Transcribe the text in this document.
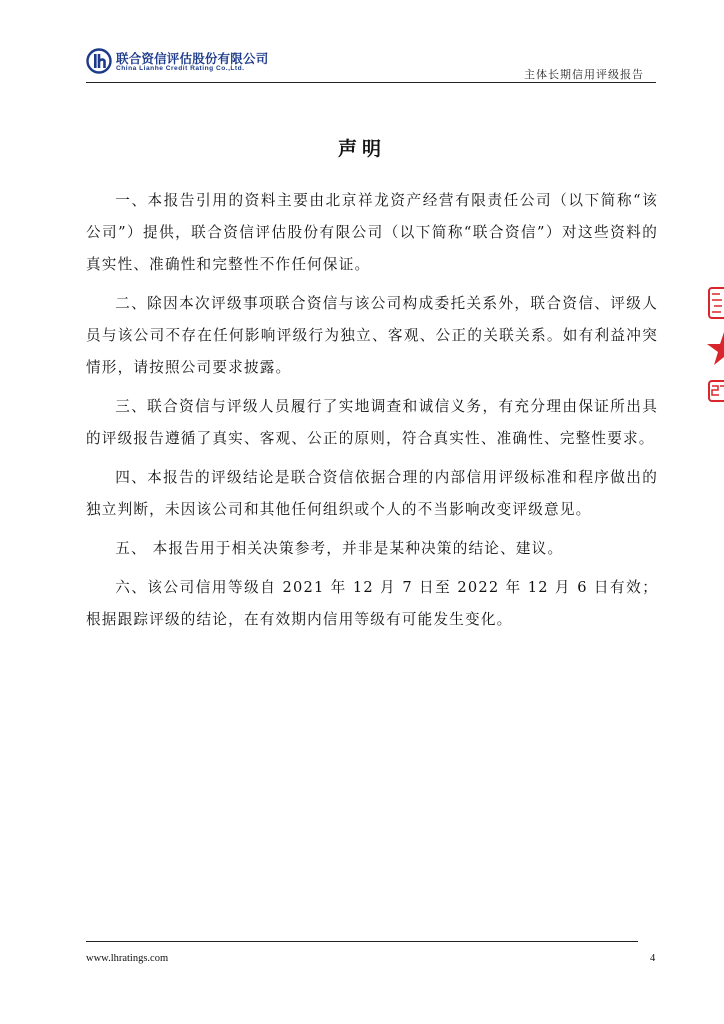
联合资信评估股份有限公司
China Lianhe Credit Rating Co.,Ltd.	主体长期信用评级报告
声明

一、本报告引用的资料主要由北京祥龙资产经营有限责任公司（以下简称“该公司”）提供，联合资信评估股份有限公司（以下简称“联合资信”）对这些资料的真实性、准确性和完整性不作任何保证。

二、除因本次评级事项联合资信与该公司构成委托关系外，联合资信、评级人员与该公司不存在任何影响评级行为独立、客观、公正的关联关系。如有利益冲突情形，请按照公司要求披露。

三、联合资信与评级人员履行了实地调查和诚信义务，有充分理由保证所出具的评级报告遵循了真实、客观、公正的原则，符合真实性、准确性、完整性要求。

四、本报告的评级结论是联合资信依据合理的内部信用评级标准和程序做出的独立判断，未因该公司和其他任何组织或个人的不当影响改变评级意见。

五、 本报告用于相关决策参考，并非是某种决策的结论、建议。

六、该公司信用等级自 2021 年 12 月 7 日至 2022 年 12 月 6 日有效；根据跟踪评级的结论，在有效期内信用等级有可能发生变化。

www.lhratings.com	4
